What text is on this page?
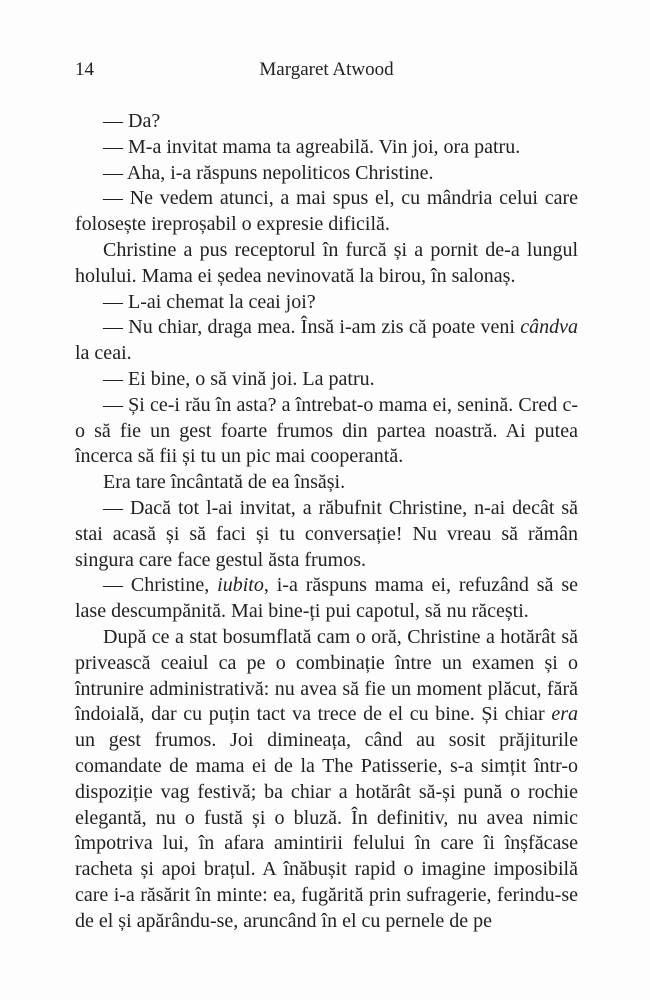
14	Margaret Atwood

— Da?

— M-a invitat mama ta agreabilă. Vin joi, ora patru.

— Aha, i-a răspuns nepoliticos Christine.

— Ne vedem atunci, a mai spus el, cu mândria celui care folosește ireproșabil o expresie dificilă.

Christine a pus receptorul în furcă și a pornit de-a lungul holului. Mama ei ședea nevinovată la birou, în salonaș.

— L-ai chemat la ceai joi?

— Nu chiar, draga mea. Însă i-am zis că poate veni cândva la ceai.

— Ei bine, o să vină joi. La patru.

— Și ce-i rău în asta? a întrebat-o mama ei, senină. Cred c-o să fie un gest foarte frumos din partea noastră. Ai putea încerca să fii și tu un pic mai cooperantă.

Era tare încântată de ea însăși.

— Dacă tot l-ai invitat, a răbufnit Christine, n-ai decât să stai acasă și să faci și tu conversație! Nu vreau să rămân singura care face gestul ăsta frumos.

— Christine, iubito, i-a răspuns mama ei, refuzând să se lase descumpănită. Mai bine-ți pui capotul, să nu răcești.

După ce a stat bosumflată cam o oră, Christine a hotărât să privească ceaiul ca pe o combinație între un examen și o întrunire administrativă: nu avea să fie un moment plăcut, fără îndoială, dar cu puțin tact va trece de el cu bine. Și chiar era un gest frumos. Joi dimineața, când au sosit prăjiturile comandate de mama ei de la The Patisserie, s-a simțit într-o dispoziție vag festivă; ba chiar a hotărât să-și pună o rochie elegantă, nu o fustă și o bluză. În definitiv, nu avea nimic împotriva lui, în afara amintirii felului în care îi înșfăcase racheta și apoi brațul. A înăbușit rapid o imagine imposibilă care i-a răsărit în minte: ea, fugărită prin sufragerie, ferindu-se de el și apărându-se, aruncând în el cu pernele de pe
